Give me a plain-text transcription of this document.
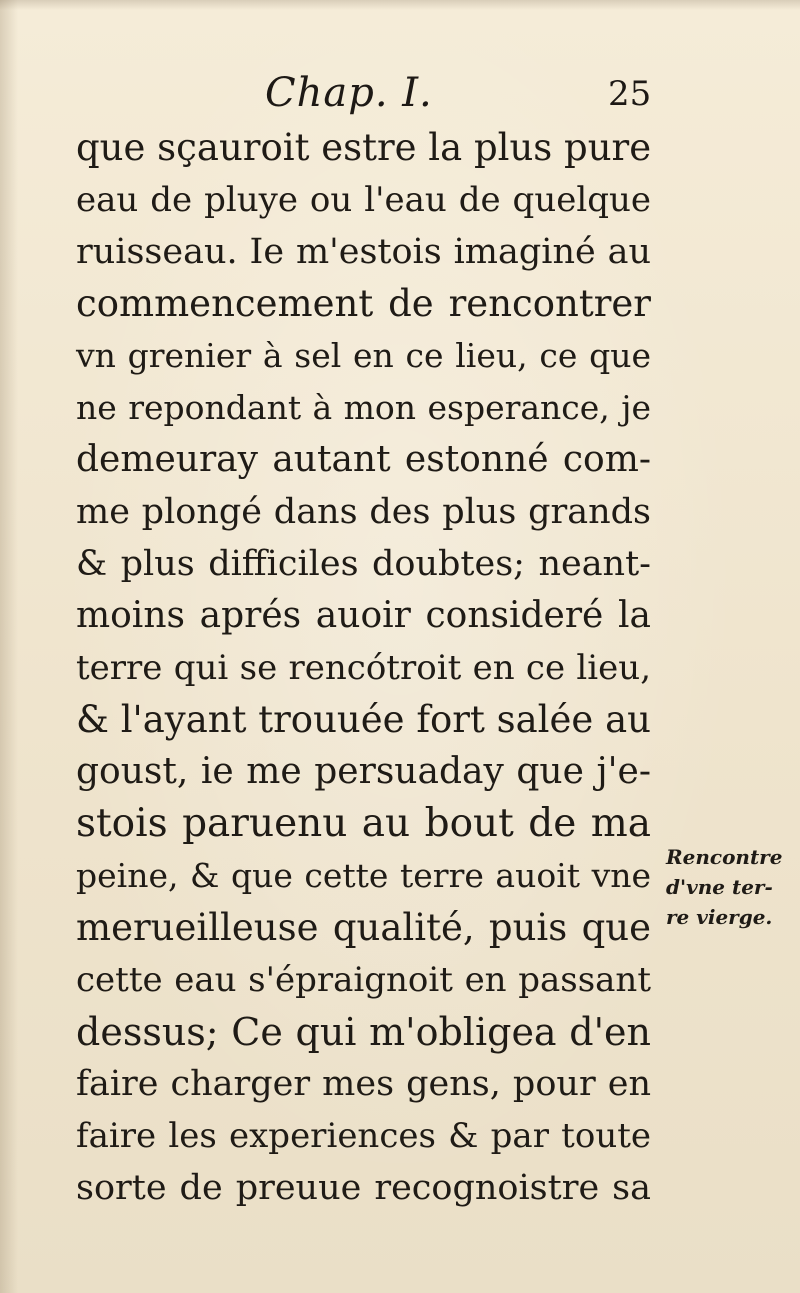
Chap. I.	25
que sçauroit estre la plus pure
eau de pluye ou l'eau de quelque
ruisseau. Ie m'estois imaginé au
commencement de rencontrer
vn grenier à sel en ce lieu, ce que
ne repondant à mon esperance, je
demeuray autant estonné com-
me plongé dans des plus grands
& plus difficiles doubtes; neant-
moins aprés auoir consideré la
terre qui se rencótroit en ce lieu,
& l'ayant trouuée fort salée au
goust, ie me persuaday que j'e-
stois paruenu au bout de ma
peine, & que cette terre auoit vne
merueilleuse qualité, puis que
cette eau s'épraignoit en passant
dessus; Ce qui m'obligea d'en
faire charger mes gens, pour en
faire les experiences & par toute
sorte de preuue recognoistre sa
Rencontre
d'vne ter-
re vierge.
